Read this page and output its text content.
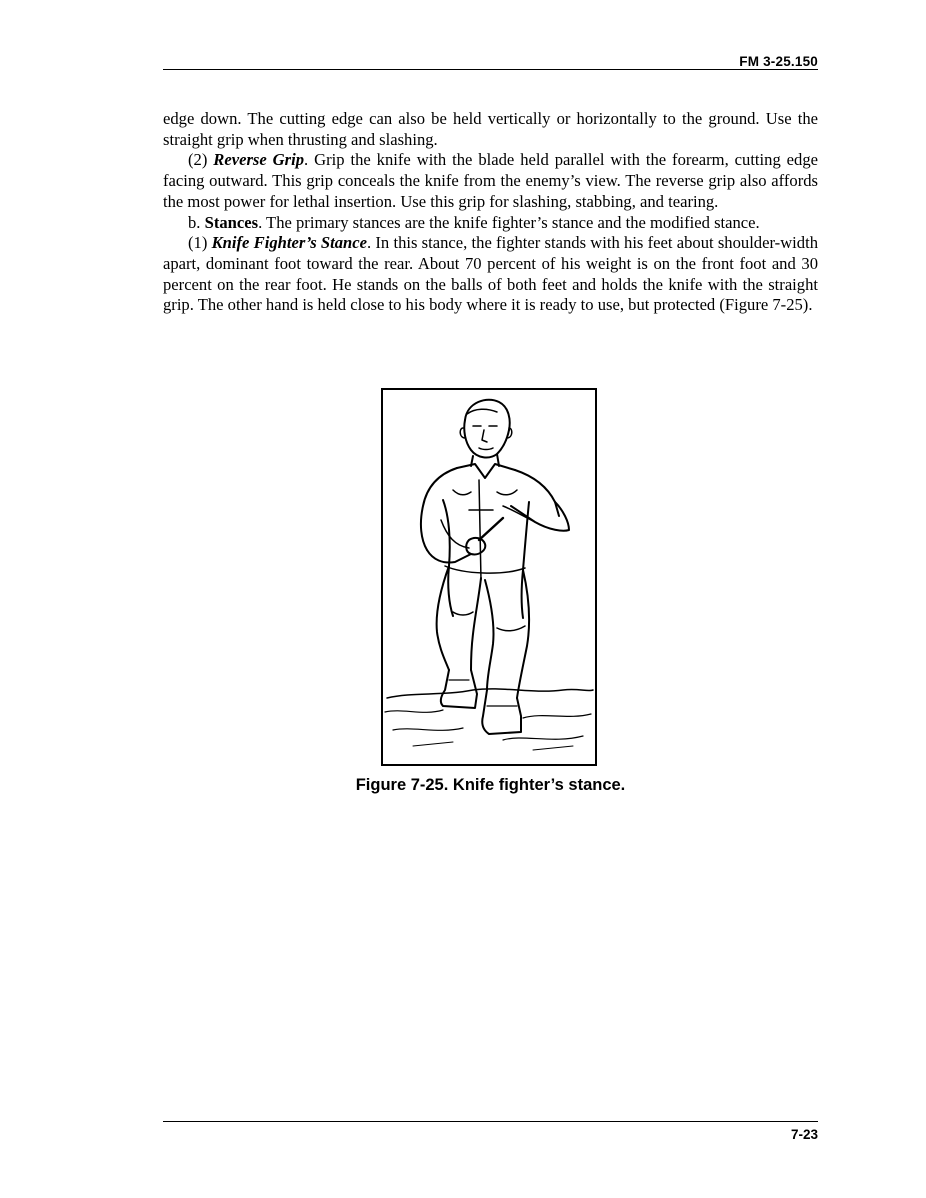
FM 3-25.150

edge down. The cutting edge can also be held vertically or horizontally to the ground. Use the straight grip when thrusting and slashing.

(2) Reverse Grip. Grip the knife with the blade held parallel with the forearm, cutting edge facing outward. This grip conceals the knife from the enemy’s view. The reverse grip also affords the most power for lethal insertion. Use this grip for slashing, stabbing, and tearing.

b. Stances. The primary stances are the knife fighter’s stance and the modified stance.

(1) Knife Fighter’s Stance. In this stance, the fighter stands with his feet about shoulder-width apart, dominant foot toward the rear. About 70 percent of his weight is on the front foot and 30 percent on the rear foot. He stands on the balls of both feet and holds the knife with the straight grip. The other hand is held close to his body where it is ready to use, but protected (Figure 7-25).

Figure 7-25. Knife fighter’s stance.
7-23
